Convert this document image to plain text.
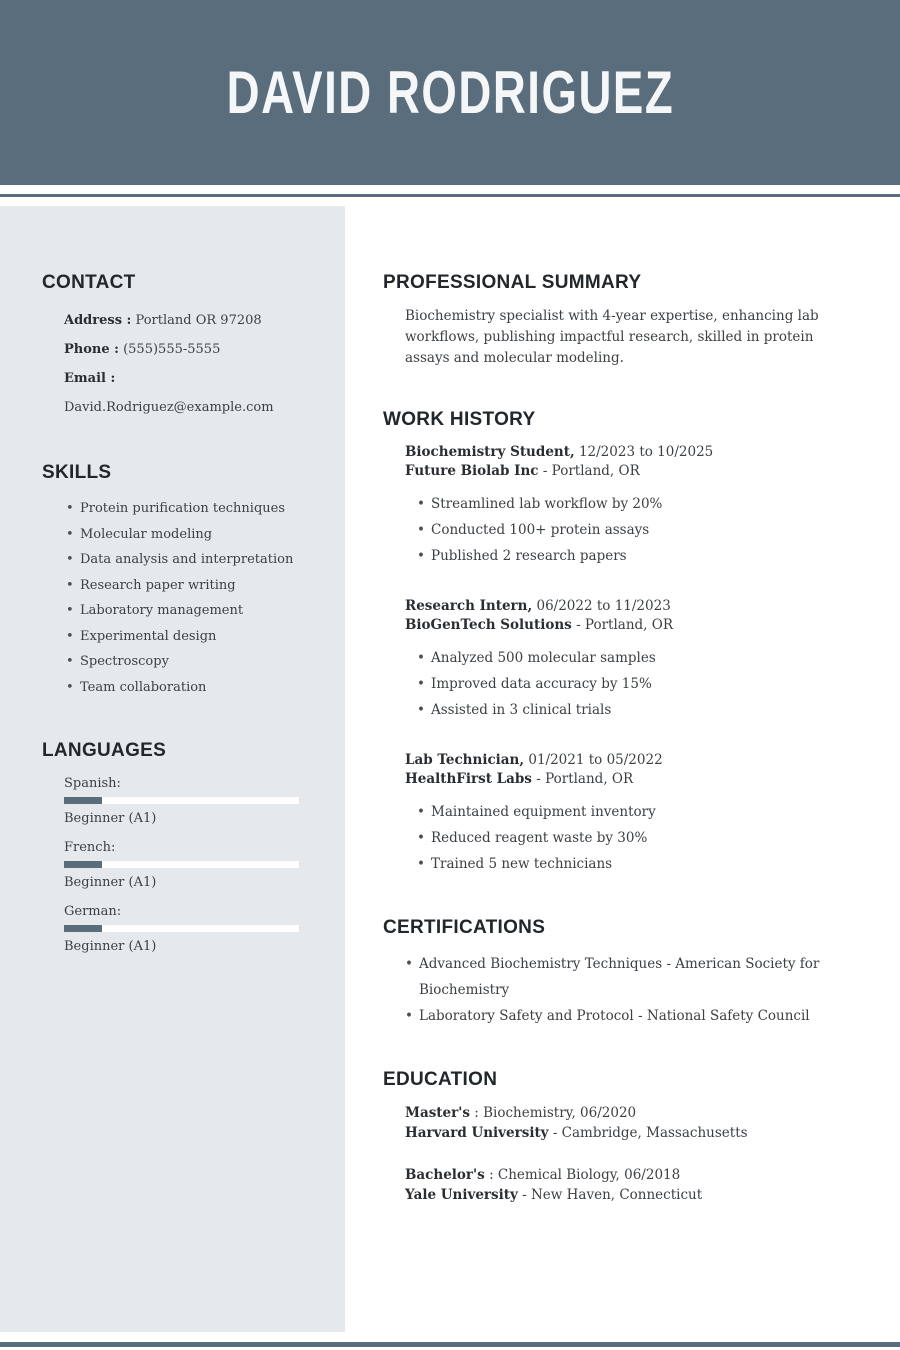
DAVID RODRIGUEZ
CONTACT

Address : Portland OR 97208

Phone : (555)555-5555

Email : David.Rodriguez@example.com

SKILLS
• Protein purification techniques
• Molecular modeling
• Data analysis and interpretation
• Research paper writing
• Laboratory management
• Experimental design
• Spectroscopy
• Team collaboration
LANGUAGES

Spanish:

Beginner (A1)

French:

Beginner (A1)

German:

Beginner (A1)

PROFESSIONAL SUMMARY

Biochemistry specialist with 4-year expertise, enhancing lab workflows, publishing impactful research, skilled in protein assays and molecular modeling.

WORK HISTORY

Biochemistry Student, 12/2023 to 10/2025

Future Biolab Inc - Portland, OR

• Streamlined lab workflow by 20%
• Conducted 100+ protein assays
• Published 2 research papers

Research Intern, 06/2022 to 11/2023

BioGenTech Solutions - Portland, OR

• Analyzed 500 molecular samples
• Improved data accuracy by 15%
• Assisted in 3 clinical trials

Lab Technician, 01/2021 to 05/2022

HealthFirst Labs - Portland, OR

• Maintained equipment inventory
• Reduced reagent waste by 30%
• Trained 5 new technicians
CERTIFICATIONS
• Advanced Biochemistry Techniques - American Society for Biochemistry
• Laboratory Safety and Protocol - National Safety Council
EDUCATION

Master's : Biochemistry, 06/2020

Harvard University - Cambridge, Massachusetts

Bachelor's : Chemical Biology, 06/2018

Yale University - New Haven, Connecticut
